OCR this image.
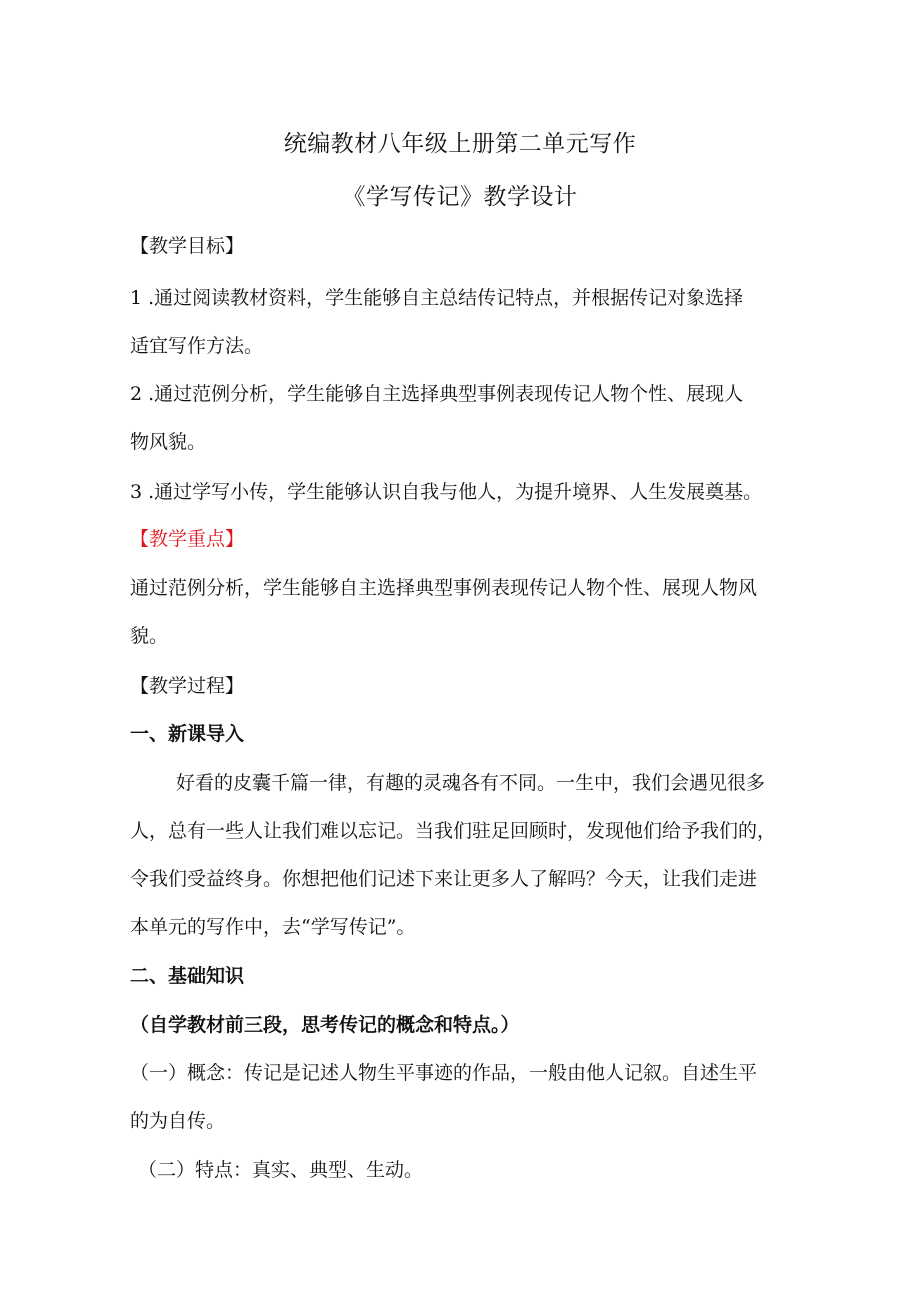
统编教材八年级上册第二单元写作
《学写传记》教学设计
【教学目标】
1 .通过阅读教材资料，学生能够自主总结传记特点，并根据传记对象选择
适宜写作方法。
2 .通过范例分析，学生能够自主选择典型事例表现传记人物个性、展现人
物风貌。
3 .通过学写小传，学生能够认识自我与他人，为提升境界、人生发展奠基。
【教学重点】
通过范例分析，学生能够自主选择典型事例表现传记人物个性、展现人物风
貌。
【教学过程】
一、新课导入
好看的皮囊千篇一律，有趣的灵魂各有不同。一生中，我们会遇见很多
人，总有一些人让我们难以忘记。当我们驻足回顾时，发现他们给予我们的，
令我们受益终身。你想把他们记述下来让更多人了解吗？今天，让我们走进
本单元的写作中，去“学写传记”。
二、基础知识
（自学教材前三段，思考传记的概念和特点。）
（一）概念：传记是记述人物生平事迹的作品，一般由他人记叙。自述生平
的为自传。
（二）特点：真实、典型、生动。
